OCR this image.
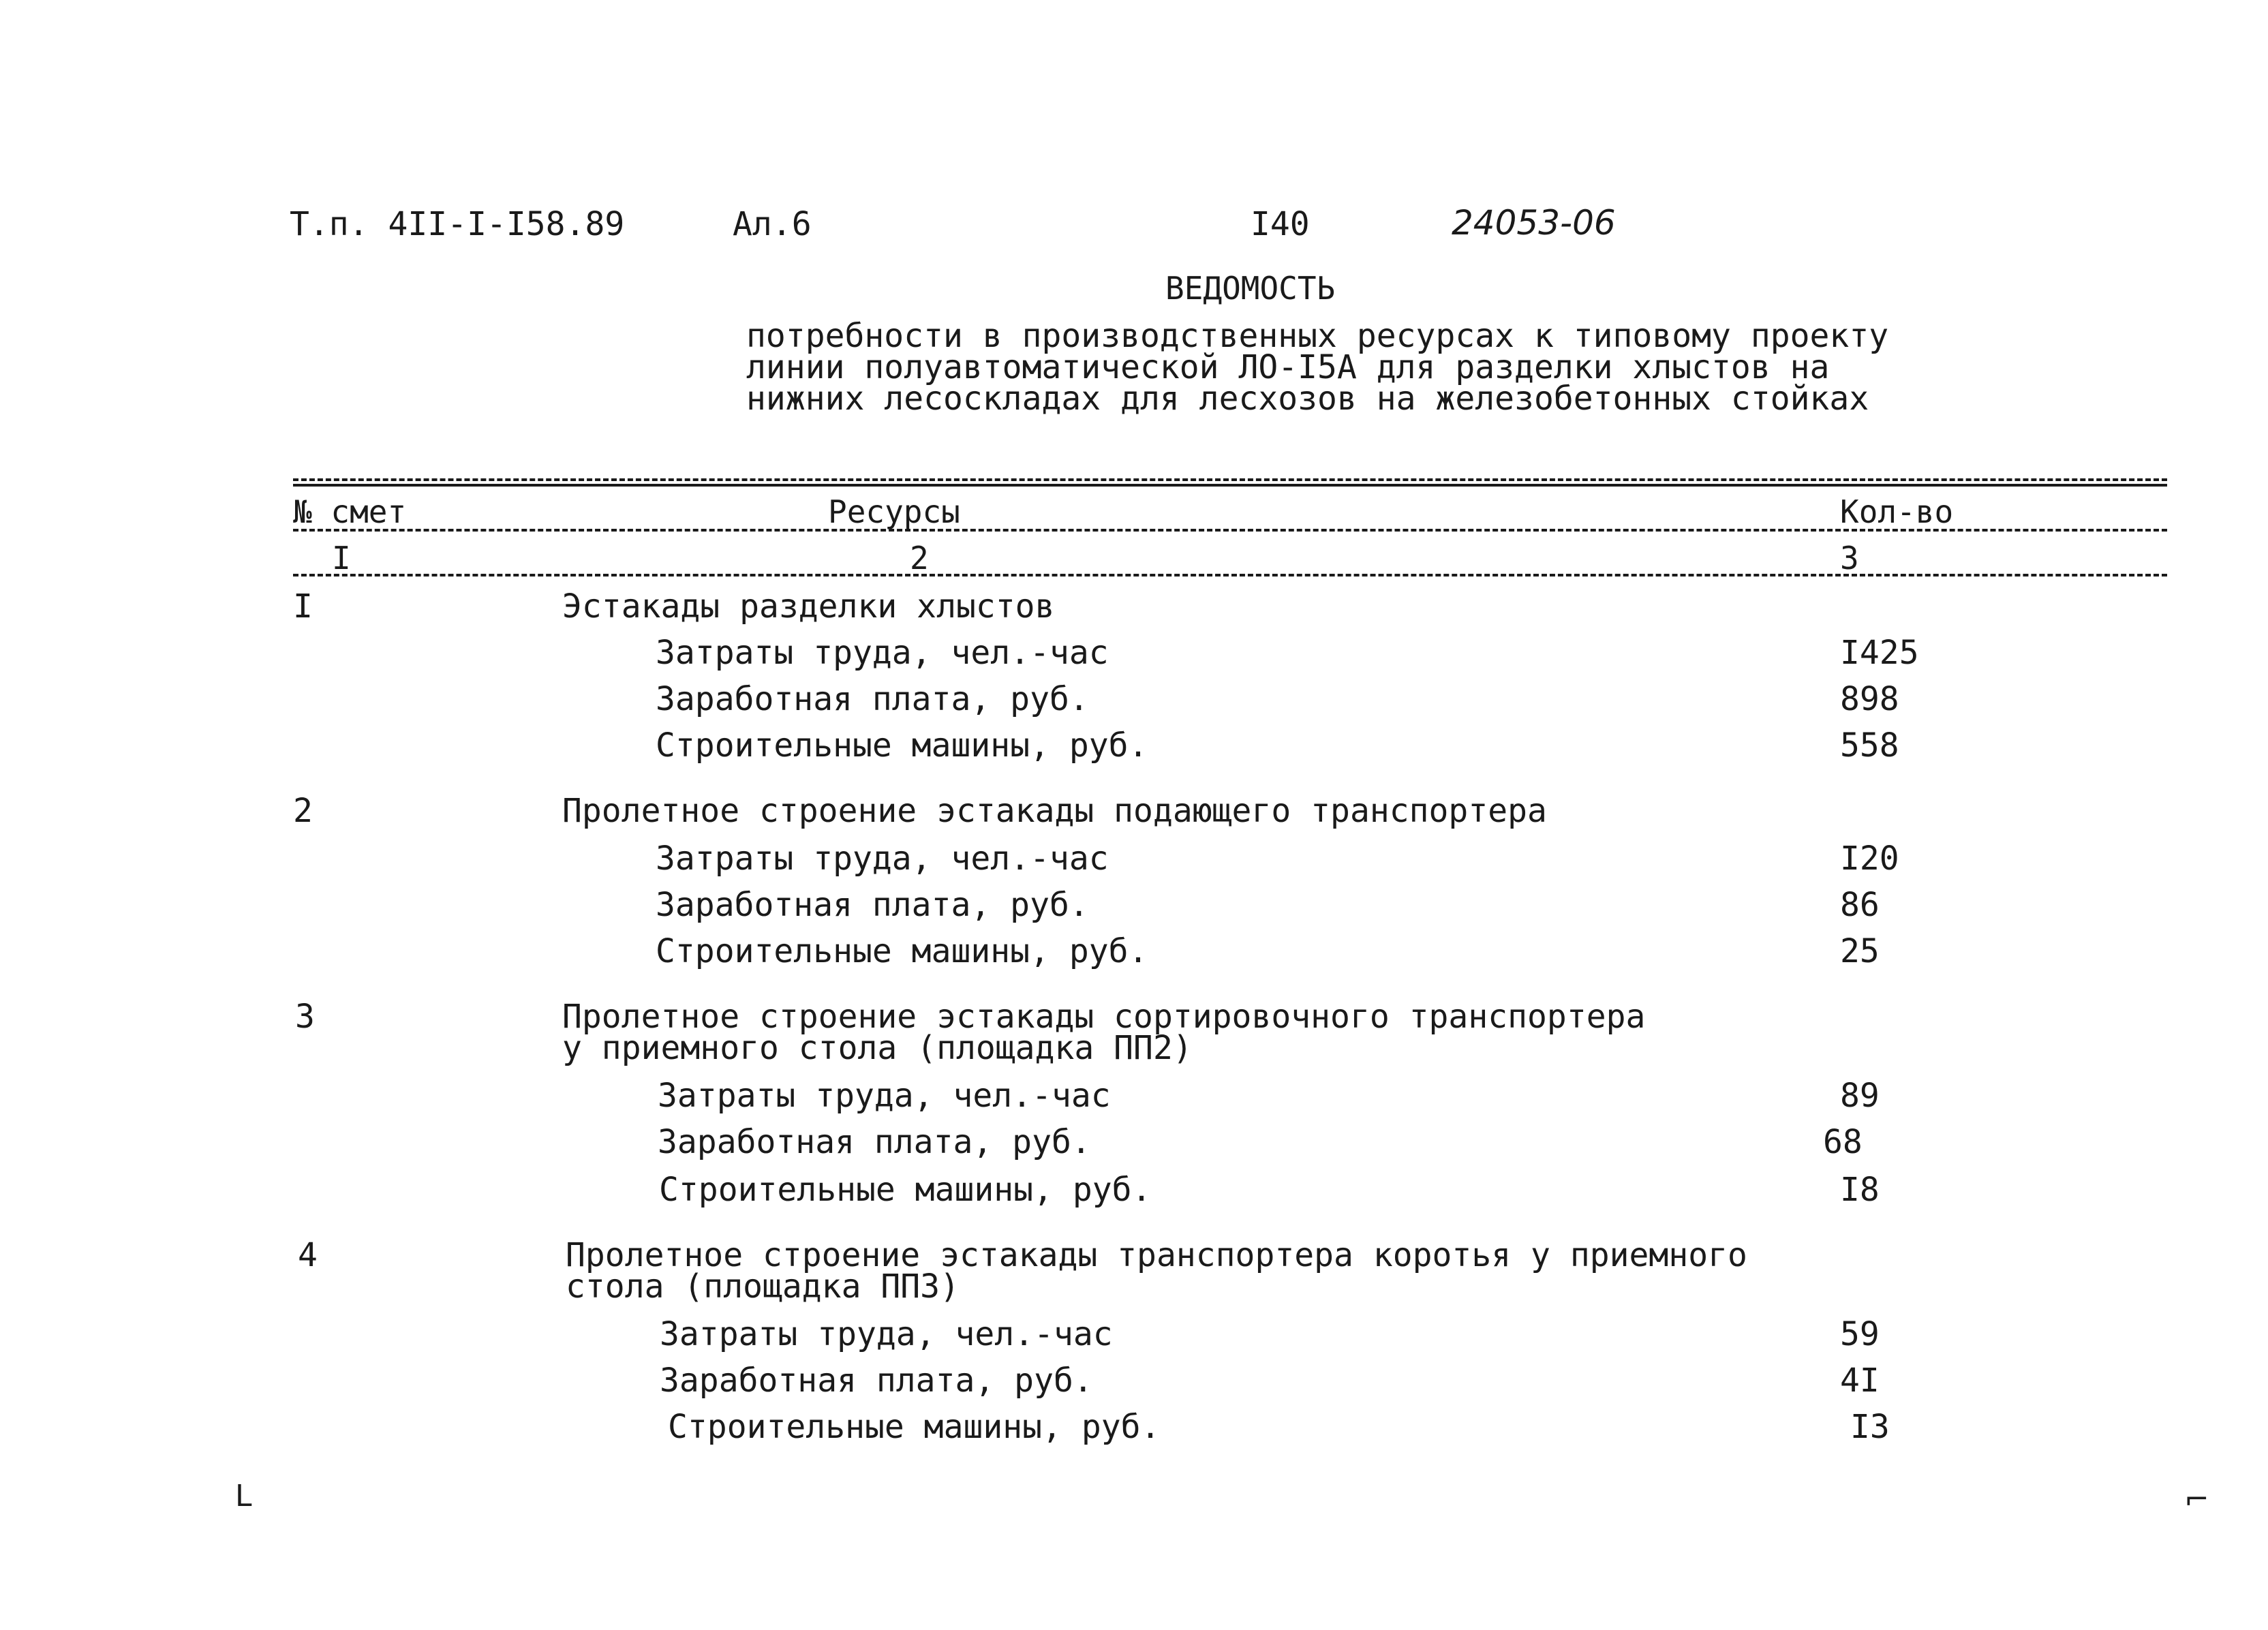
Т.п. 4II-I-I58.89	Ал.6	I40	24053-06
ВЕДОМОСТЬ
потребности в производственных ресурсах к типовому проекту
линии полуавтоматической ЛО-I5А для разделки хлыстов на
нижних лесоскладах для лесхозов на железобетонных стойках
№ смет	Ресурсы	Кол-во
I	2	3
I	Эстакады разделки хлыстов
Затраты труда, чел.-час	I425
Заработная плата, руб.	898
Строительные машины, руб.	558
2	Пролетное строение эстакады подающего транспортера
Затраты труда, чел.-час	I20
Заработная плата, руб.	86
Строительные машины, руб.	25
3	Пролетное строение эстакады сортировочного транспортера
у приемного стола (площадка ПП2)
Затраты труда, чел.-час	89
Заработная плата, руб.	68
Строительные машины, руб.	I8
4	Пролетное строение эстакады транспортера коротья у приемного
стола (площадка ПП3)
Затраты труда, чел.-час	59
Заработная плата, руб.	4I
Строительные машины, руб.	I3
L	⌐
